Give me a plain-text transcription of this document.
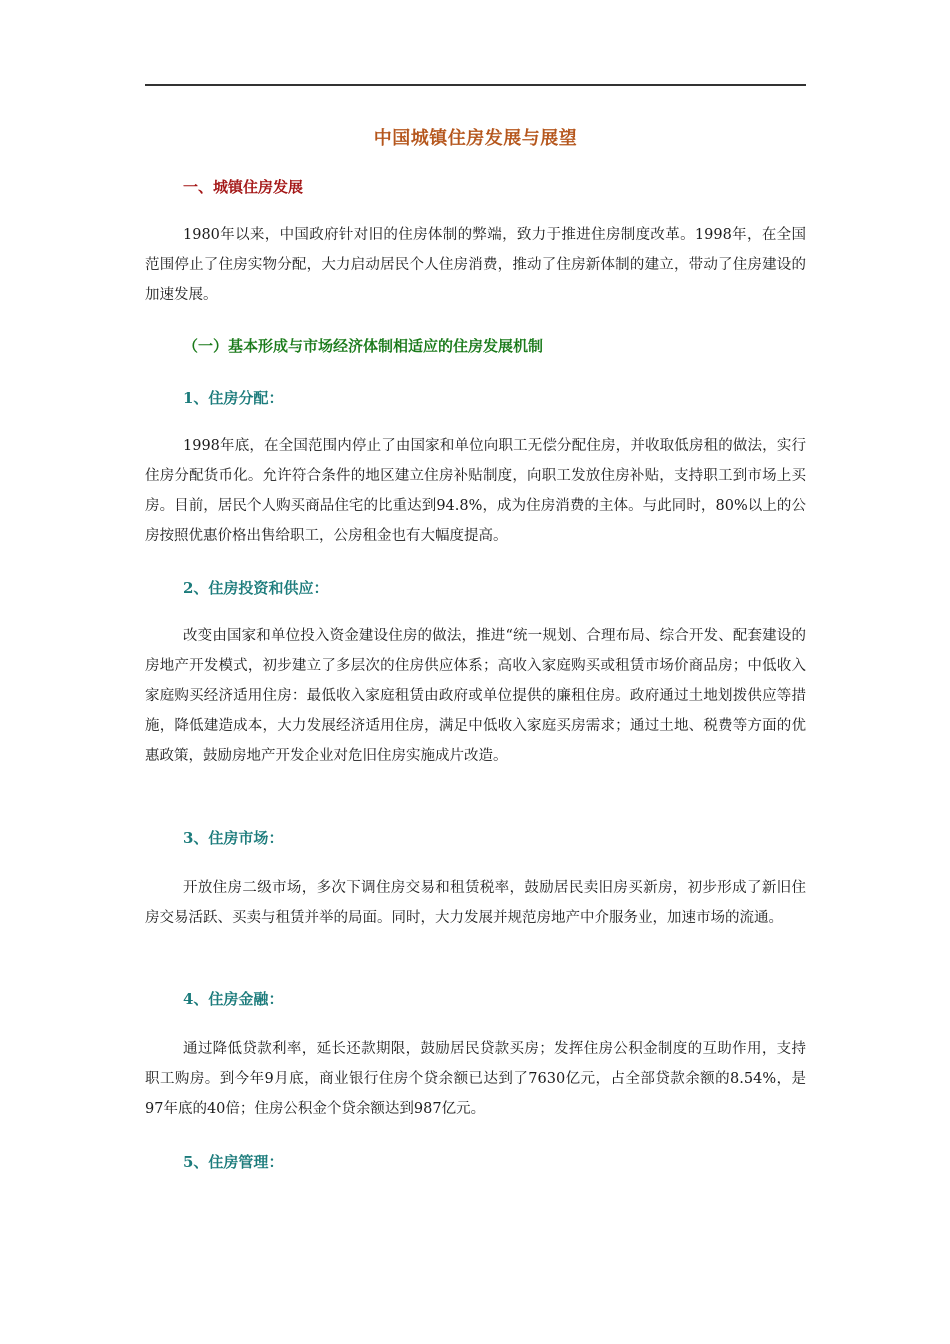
中国城镇住房发展与展望
一、城镇住房发展
1980年以来，中国政府针对旧的住房体制的弊端，致力于推进住房制度改革。1998年，在全国范围停止了住房实物分配，大力启动居民个人住房消费，推动了住房新体制的建立，带动了住房建设的加速发展。
（一）基本形成与市场经济体制相适应的住房发展机制
1、住房分配：
1998年底，在全国范围内停止了由国家和单位向职工无偿分配住房，并收取低房租的做法，实行住房分配货币化。允许符合条件的地区建立住房补贴制度，向职工发放住房补贴，支持职工到市场上买房。目前，居民个人购买商品住宅的比重达到94.8%，成为住房消费的主体。与此同时，80%以上的公房按照优惠价格出售给职工，公房租金也有大幅度提高。
2、住房投资和供应：
改变由国家和单位投入资金建设住房的做法，推进“统一规划、合理布局、综合开发、配套建设的房地产开发模式，初步建立了多层次的住房供应体系；高收入家庭购买或租赁市场价商品房；中低收入家庭购买经济适用住房：最低收入家庭租赁由政府或单位提供的廉租住房。政府通过土地划拨供应等措施，降低建造成本，大力发展经济适用住房，满足中低收入家庭买房需求；通过土地、税费等方面的优惠政策，鼓励房地产开发企业对危旧住房实施成片改造。
3、住房市场：
开放住房二级市场，多次下调住房交易和租赁税率，鼓励居民卖旧房买新房，初步形成了新旧住房交易活跃、买卖与租赁并举的局面。同时，大力发展并规范房地产中介服务业，加速市场的流通。
4、住房金融：
通过降低贷款利率，延长还款期限，鼓励居民贷款买房；发挥住房公积金制度的互助作用，支持职工购房。到今年9月底，商业银行住房个贷余额已达到了7630亿元，占全部贷款余额的8.54%，是97年底的40倍；住房公积金个贷余额达到987亿元。
5、住房管理：
